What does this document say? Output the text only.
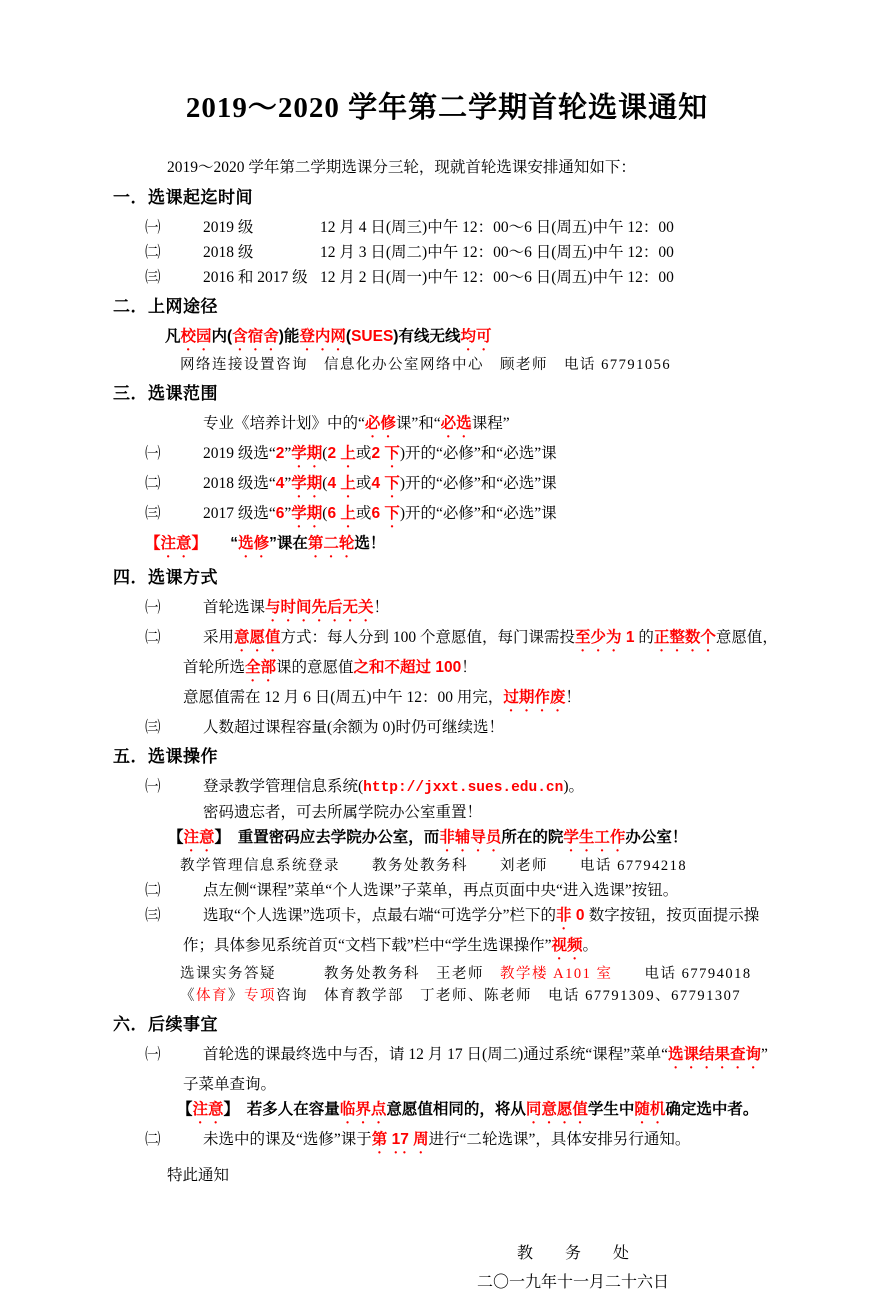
2019～2020 学年第二学期首轮选课通知

2019～2020 学年第二学期选课分三轮，现就首轮选课安排通知如下：

一．选课起迄时间

㈠	2019 级	12 月 4 日(周三)中午 12：00～6 日(周五)中午 12：00

㈡	2018 级	12 月 3 日(周二)中午 12：00～6 日(周五)中午 12：00

㈢	2016 和 2017 级 12 月 2 日(周一)中午 12：00～6 日(周五)中午 12：00

二．上网途径

凡校园内(含宿舍)能登内网(SUES)有线无线均可

网络连接设置咨询　信息化办公室网络中心　顾老师　电话 67791056

三．选课范围

专业《培养计划》中的“必修课”和“必选课程”

㈠	2019 级选“2”学期(2 上或2 下)开的“必修”和“必选”课

㈡	2018 级选“4”学期(4 上或4 下)开的“必修”和“必选”课

㈢	2017 级选“6”学期(6 上或6 下)开的“必修”和“必选”课

【注意】　　“选修”课在第二轮选！

四．选课方式

㈠	首轮选课与时间先后无关！

㈡	采用意愿值方式：每人分到 100 个意愿值，每门课需投至少为 1 的正整数个意愿值，首轮所选全部课的意愿值之和不超过 100！

意愿值需在 12 月 6 日(周五)中午 12：00 用完，过期作废！

㈢	人数超过课程容量(余额为 0)时仍可继续选！

五．选课操作

㈠	登录教学管理信息系统(http://jxxt.sues.edu.cn)。

密码遗忘者，可去所属学院办公室重置！

【注意】　重置密码应去学院办公室，而非辅导员所在的院学生工作办公室！

教学管理信息系统登录　　教务处教务科　　刘老师　　电话 67794218

㈡	点左侧“课程”菜单“个人选课”子菜单，再点页面中央“进入选课”按钮。

㈢	选取“个人选课”选项卡，点最右端“可选学分”栏下的非 0 数字按钮，按页面提示操作；具体参见系统首页“文档下载”栏中“学生选课操作”视频。

选课实务答疑　　　教务处教务科　王老师　教学楼 A101 室　　电话 67794018

《体育》专项咨询　体育教学部　丁老师、陈老师　电话 67791309、67791307

六．后续事宜

㈠	首轮选的课最终选中与否，请 12 月 17 日(周二)通过系统“课程”菜单“选课结果查询”子菜单查询。

【注意】　若多人在容量临界点意愿值相同的，将从同意愿值学生中随机确定选中者。

㈡	未选中的课及“选修”课于第 17 周进行“二轮选课”，具体安排另行通知。

特此通知

教　　务　　处
二〇一九年十一月二十六日
